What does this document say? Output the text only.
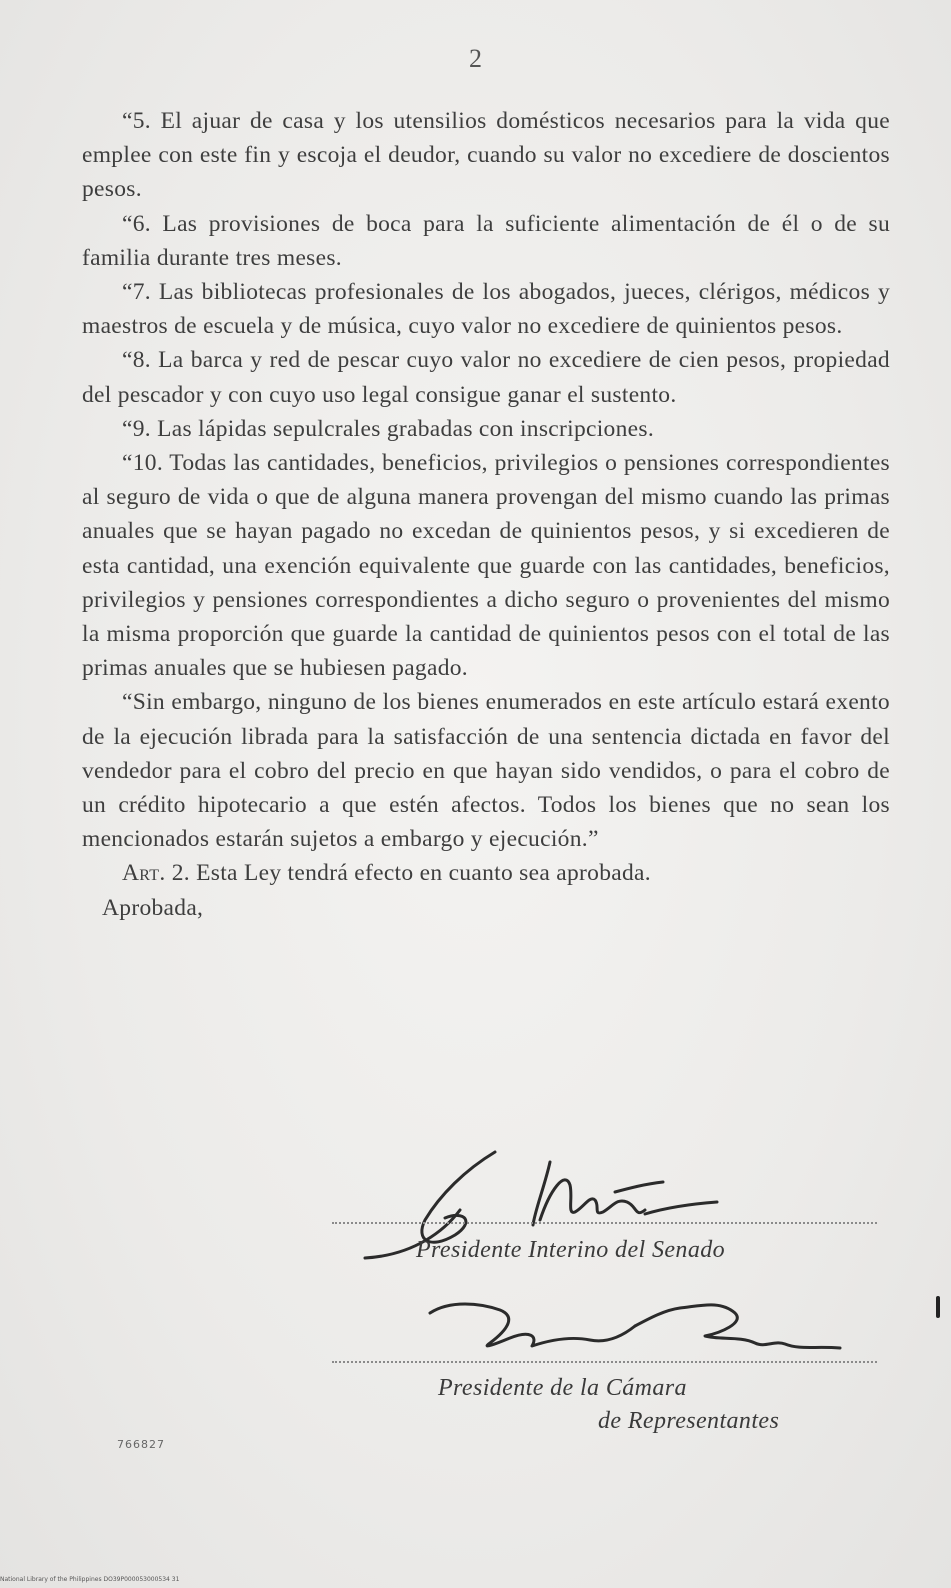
2

“5. El ajuar de casa y los utensilios domésticos necesarios para la vida que emplee con este fin y escoja el deudor, cuando su valor no excediere de doscientos pesos.

“6. Las provisiones de boca para la suficiente alimentación de él o de su familia durante tres meses.

“7. Las bibliotecas profesionales de los abogados, jueces, clérigos, médicos y maestros de escuela y de música, cuyo valor no excediere de quinientos pesos.

“8. La barca y red de pescar cuyo valor no excediere de cien pesos, propiedad del pescador y con cuyo uso legal consigue ganar el sustento.

“9. Las lápidas sepulcrales grabadas con inscripciones.

“10. Todas las cantidades, beneficios, privilegios o pensiones correspondientes al seguro de vida o que de alguna manera provengan del mismo cuando las primas anuales que se hayan pagado no excedan de quinientos pesos, y si excedieren de esta cantidad, una exención equivalente que guarde con las cantidades, beneficios, privilegios y pensiones correspondientes a dicho seguro o provenientes del mismo la misma proporción que guarde la cantidad de quinientos pesos con el total de las primas anuales que se hubiesen pagado.

“Sin embargo, ninguno de los bienes enumerados en este artículo estará exento de la ejecución librada para la satisfacción de una sentencia dictada en favor del vendedor para el cobro del precio en que hayan sido vendidos, o para el cobro de un crédito hipotecario a que estén afectos. Todos los bienes que no sean los mencionados estarán sujetos a embargo y ejecución.”

Art. 2. Esta Ley tendrá efecto en cuanto sea aprobada.

Aprobada,

Presidente Interino del Senado
Presidente de la Cámara
de Representantes
766827
National Library of the Philippines DO39P000053000534 31
